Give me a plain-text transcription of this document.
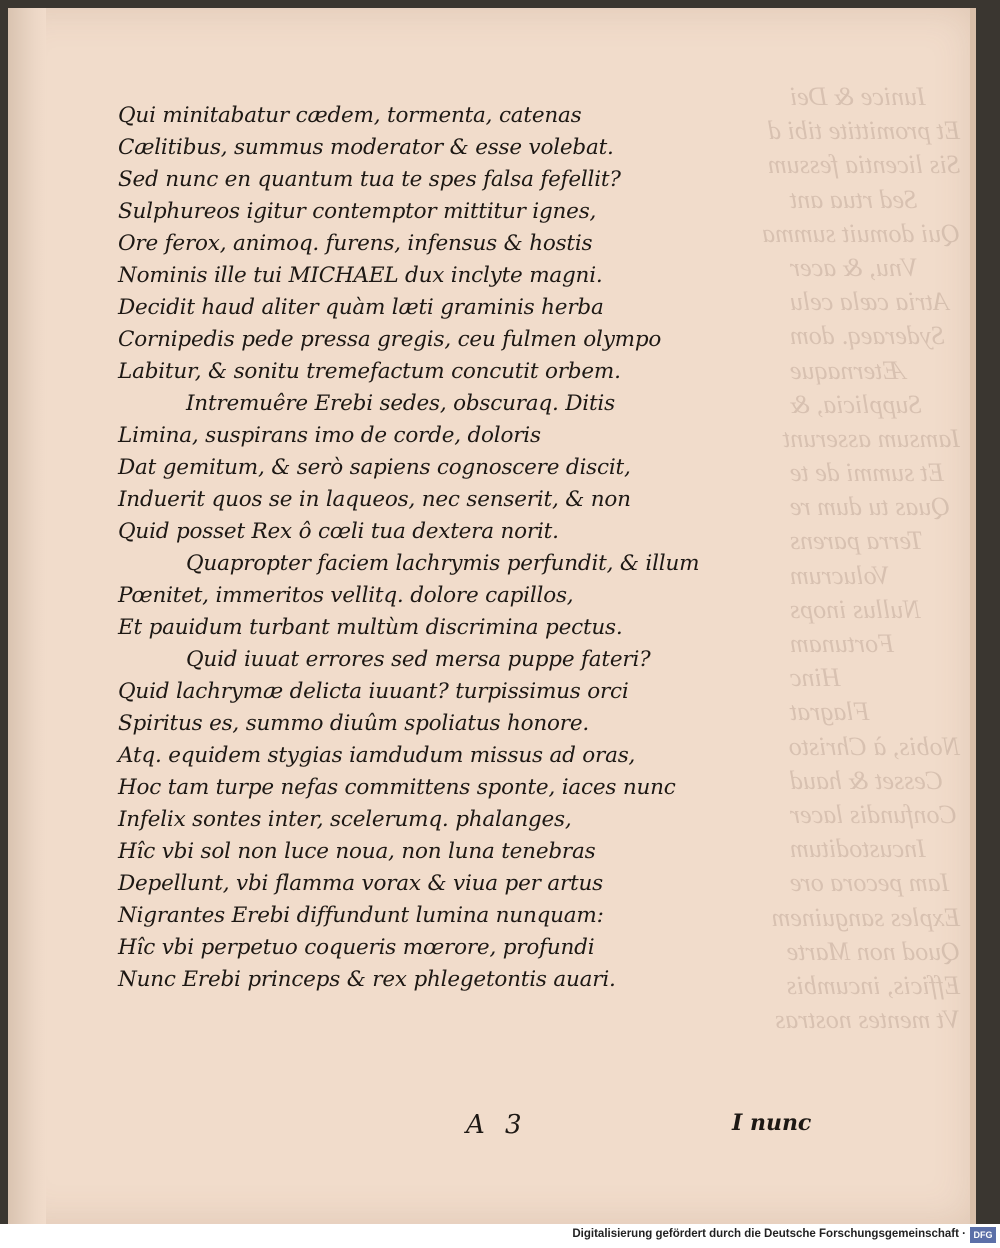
Iunice & Dei
Et promittite tibi d
Sis licentia fessum
Sed rtua ant
Qui domuit summa
Vnu, & acer
Atria cæla celu
Syderaeq. dom
Æternaque
Supplicia, &
Iamsum asserunt
Et summi de te
Quas tu dum re
Terra parens
Volucrum
Nullus inops
Fortunam
Hinc
Flagrat
Nobis, à Christo
Cesset & haud
Confundis lacer
Incustoditum
Iam pecora ore
Exples sanguinem
Quod non Marte
Efficis, incumbis
Vt mentes nostras
Qui minitabatur cædem, tormenta, catenas
Cælitibus, summus moderator & esse volebat.
Sed nunc en quantum tua te spes falsa fefellit?
Sulphureos igitur contemptor mittitur ignes,
Ore ferox, animoq. furens, infensus & hostis
Nominis ille tui MICHAEL dux inclyte magni.
Decidit haud aliter quàm læti graminis herba
Cornipedis pede pressa gregis, ceu fulmen olympo
Labitur, & sonitu tremefactum concutit orbem.
Intremuêre Erebi sedes, obscuraq. Ditis
Limina, suspirans imo de corde, doloris
Dat gemitum, & serò sapiens cognoscere discit,
Induerit quos se in laqueos, nec senserit, & non
Quid posset Rex ô cœli tua dextera norit.
Quapropter faciem lachrymis perfundit, & illum
Pœnitet, immeritos vellitq. dolore capillos,
Et pauidum turbant multùm discrimina pectus.
Quid iuuat errores sed mersa puppe fateri?
Quid lachrymæ delicta iuuant? turpissimus orci
Spiritus es, summo diuûm spoliatus honore.
Atq. equidem stygias iamdudum missus ad oras,
Hoc tam turpe nefas committens sponte, iaces nunc
Infelix sontes inter, scelerumq. phalanges,
Hîc vbi sol non luce noua, non luna tenebras
Depellunt, vbi flamma vorax & viua per artus
Nigrantes Erebi diffundunt lumina nunquam:
Hîc vbi perpetuo coqueris mœrore, profundi
Nunc Erebi princeps & rex phlegetontis auari.
A 3	I nunc
Digitalisierung gefördert durch die Deutsche Forschungsgemeinschaft · DFG
